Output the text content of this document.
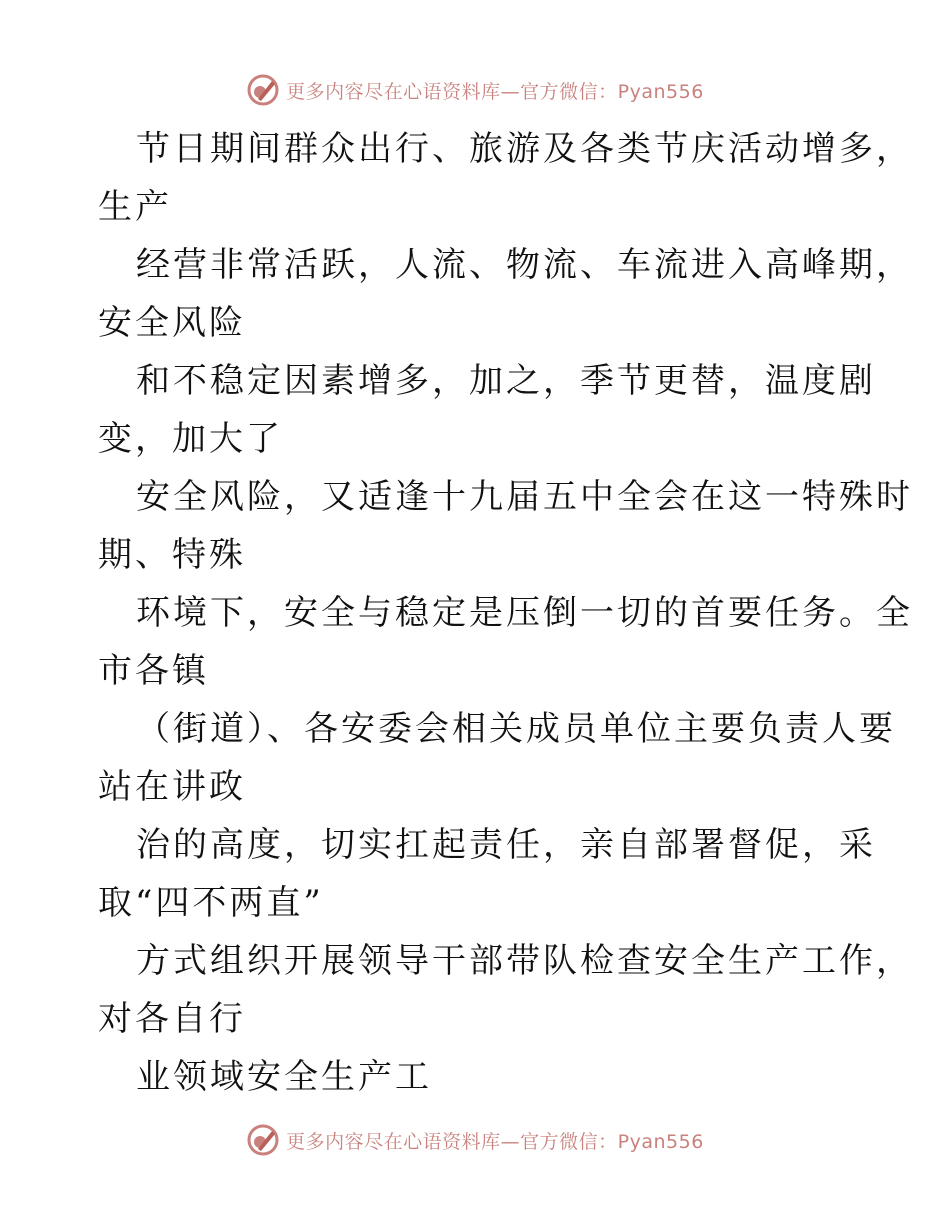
更多内容尽在心语资料库—官方微信：Pyan556
节日期间群众出行、旅游及各类节庆活动增多，
生产
经营非常活跃，人流、物流、车流进入高峰期，
安全风险
和不稳定因素增多，加之，季节更替，温度剧
变，加大了
安全风险，又适逢十九届五中全会在这一特殊时
期、特殊
环境下，安全与稳定是压倒一切的首要任务。全
市各镇
（街道）、各安委会相关成员单位主要负责人要
站在讲政
治的高度，切实扛起责任，亲自部署督促，采
取“四不两直”
方式组织开展领导干部带队检查安全生产工作，
对各自行
业领域安全生产工
更多内容尽在心语资料库—官方微信：Pyan556
